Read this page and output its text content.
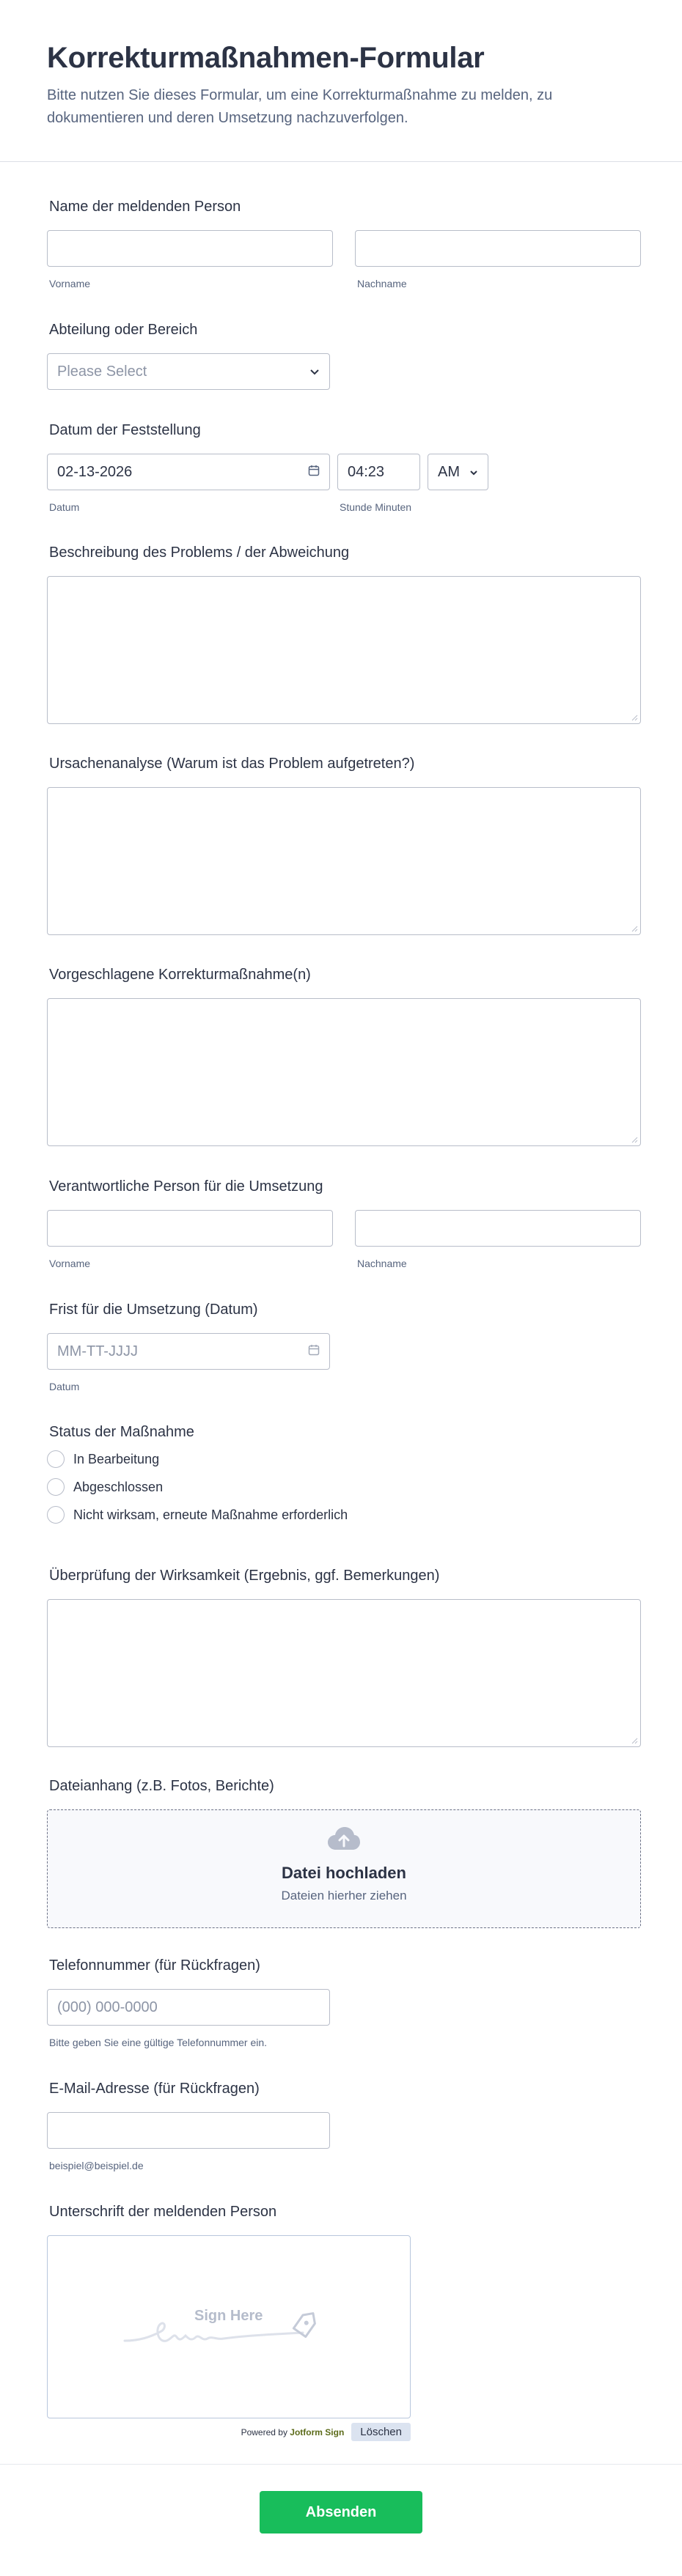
Korrekturmaßnahmen-Formular

Bitte nutzen Sie dieses Formular, um eine Korrekturmaßnahme zu melden, zu dokumentieren und deren Umsetzung nachzuverfolgen.

Name der meldenden Person
Vorname	Nachname
Abteilung oder Bereich
Please Select
Datum der Feststellung
02-13-2026
Datum
04:23
Stunde Minuten
AM
Beschreibung des Problems / der Abweichung
Ursachenanalyse (Warum ist das Problem aufgetreten?)
Vorgeschlagene Korrekturmaßnahme(n)
Verantwortliche Person für die Umsetzung
Vorname	Nachname
Frist für die Umsetzung (Datum)
MM-TT-JJJJ
Datum
Status der Maßnahme
In Bearbeitung
Abgeschlossen
Nicht wirksam, erneute Maßnahme erforderlich
Überprüfung der Wirksamkeit (Ergebnis, ggf. Bemerkungen)
Dateianhang (z.B. Fotos, Berichte)
Datei hochladen
Dateien hierher ziehen
Telefonnummer (für Rückfragen)
(000) 000-0000
Bitte geben Sie eine gültige Telefonnummer ein.
E-Mail-Adresse (für Rückfragen)
beispiel@beispiel.de
Unterschrift der meldenden Person
Sign Here
Powered by Jotform Sign	Löschen
Absenden
